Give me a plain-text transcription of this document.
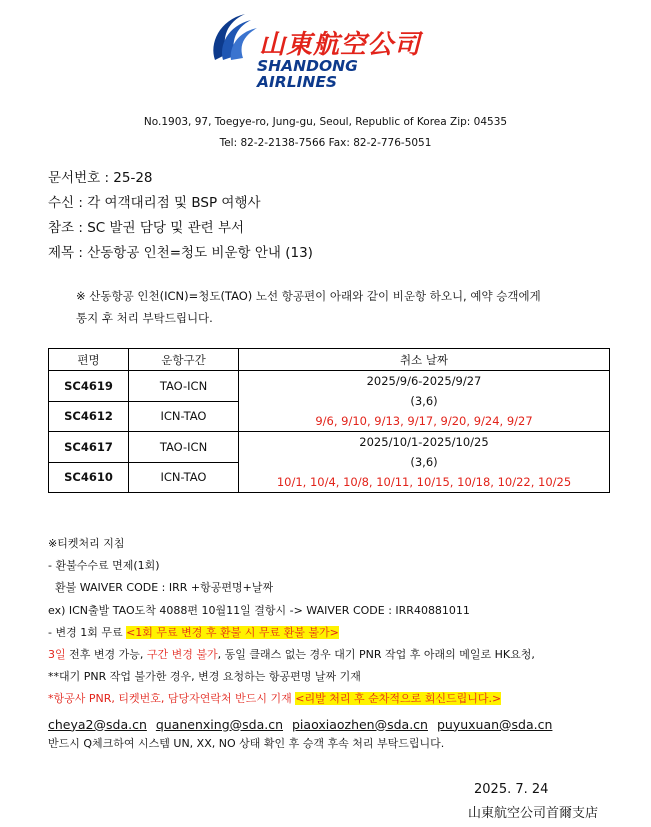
山東航空公司
SHANDONG
AIRLINES
No.1903, 97, Toegye-ro, Jung-gu, Seoul, Republic of Korea Zip: 04535
Tel: 82-2-2138-7566 Fax: 82-2-776-5051
문서번호 : 25-28
수신 : 각 여객대리점 및 BSP 여행사
참조 : SC 발권 담당 및 관련 부서
제목 : 산동항공 인천=청도 비운항 안내 (13)

※ 산동항공 인천(ICN)=청도(TAO) 노선 항공편이 아래와 같이 비운항 하오니, 예약 승객에게

통지 후 처리 부탁드립니다.

편명	운항구간	취소 날짜
SC4619	TAO-ICN	2025/9/6-2025/9/27
(3,6)
9/6, 9/10, 9/13, 9/17, 9/20, 9/24, 9/27

SC4612	ICN-TAO	
SC4617	TAO-ICN	2025/10/1-2025/10/25
(3,6)
10/1, 10/4, 10/8, 10/11, 10/15, 10/18, 10/22, 10/25

SC4610	ICN-TAO	

※티켓처리 지침

- 환불수수료 면제(1회)

환불 WAIVER CODE : IRR +항공편명+날짜

ex) ICN출발 TAO도착 4088편 10월11일 결항시 -> WAIVER CODE : IRR40881011

- 변경 1회 무료 <1회 무료 변경 후 환불 시 무료 환불 불가>

3일 전후 변경 가능, 구간 변경 불가, 동일 클래스 없는 경우 대기 PNR 작업 후 아래의 메일로 HK요청,

**대기 PNR 작업 불가한 경우, 변경 요청하는 항공편명 날짜 기재

*항공사 PNR, 티켓번호, 담당자연락처 반드시 기재 <리발 처리 후 순차적으로 회신드립니다.>

cheya2@sda.cn quanenxing@sda.cn piaoxiaozhen@sda.cn puyuxuan@sda.cn

반드시 Q체크하여 시스템 UN, XX, NO 상태 확인 후 승객 후속 처리 부탁드립니다.
2025. 7. 24
山東航空公司首爾支店
